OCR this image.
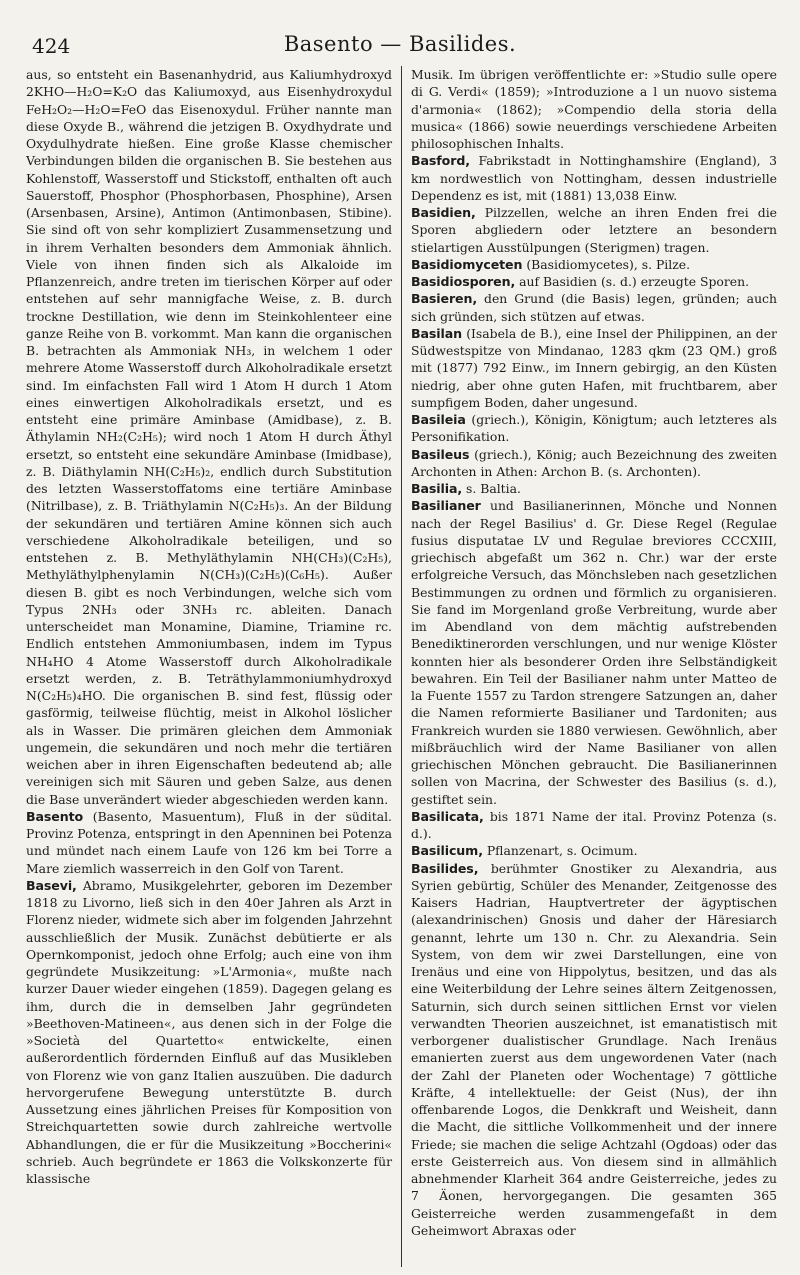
424	Basento — Basilides.

aus, so entsteht ein Basenanhydrid, aus Kaliumhydroxyd 2KHO—H₂O=K₂O das Kaliumoxyd, aus Eisenhydroxydul FeH₂O₂—H₂O=FeO das Eisenoxydul. Früher nannte man diese Oxyde B., während die jetzigen B. Oxydhydrate und Oxydulhydrate hießen. Eine große Klasse chemischer Verbindungen bilden die organischen B. Sie bestehen aus Kohlenstoff, Wasserstoff und Stickstoff, enthalten oft auch Sauerstoff, Phosphor (Phosphorbasen, Phosphine), Arsen (Arsenbasen, Arsine), Antimon (Antimonbasen, Stibine). Sie sind oft von sehr kompliziert Zusammensetzung und in ihrem Verhalten besonders dem Ammoniak ähnlich. Viele von ihnen finden sich als Alkaloide im Pflanzenreich, andre treten im tierischen Körper auf oder entstehen auf sehr mannigfache Weise, z. B. durch trockne Destillation, wie denn im Steinkohlenteer eine ganze Reihe von B. vorkommt. Man kann die organischen B. betrachten als Ammoniak NH₃, in welchem 1 oder mehrere Atome Wasserstoff durch Alkoholradikale ersetzt sind. Im einfachsten Fall wird 1 Atom H durch 1 Atom eines einwertigen Alkoholradikals ersetzt, und es entsteht eine primäre Aminbase (Amidbase), z. B. Äthylamin NH₂(C₂H₅); wird noch 1 Atom H durch Äthyl ersetzt, so entsteht eine sekundäre Aminbase (Imidbase), z. B. Diäthylamin NH(C₂H₅)₂, endlich durch Substitution des letzten Wasserstoffatoms eine tertiäre Aminbase (Nitrilbase), z. B. Triäthylamin N(C₂H₅)₃. An der Bildung der sekundären und tertiären Amine können sich auch verschiedene Alkoholradikale beteiligen, und so entstehen z. B. Methyläthylamin NH(CH₃)(C₂H₅), Methyläthylphenylamin N(CH₃)(C₂H₅)(C₆H₅). Außer diesen B. gibt es noch Verbindungen, welche sich vom Typus 2NH₃ oder 3NH₃ rc. ableiten. Danach unterscheidet man Monamine, Diamine, Triamine rc. Endlich entstehen Ammoniumbasen, indem im Typus NH₄HO 4 Atome Wasserstoff durch Alkoholradikale ersetzt werden, z. B. Teträthylammoniumhydroxyd N(C₂H₅)₄HO. Die organischen B. sind fest, flüssig oder gasförmig, teilweise flüchtig, meist in Alkohol löslicher als in Wasser. Die primären gleichen dem Ammoniak ungemein, die sekundären und noch mehr die tertiären weichen aber in ihren Eigenschaften bedeutend ab; alle vereinigen sich mit Säuren und geben Salze, aus denen die Base unverändert wieder abgeschieden werden kann.

Basento (Basento, Masuentum), Fluß in der südital. Provinz Potenza, entspringt in den Apenninen bei Potenza und mündet nach einem Laufe von 126 km bei Torre a Mare ziemlich wasserreich in den Golf von Tarent.

Basevi, Abramo, Musikgelehrter, geboren im Dezember 1818 zu Livorno, ließ sich in den 40er Jahren als Arzt in Florenz nieder, widmete sich aber im folgenden Jahrzehnt ausschließlich der Musik. Zunächst debütierte er als Opernkomponist, jedoch ohne Erfolg; auch eine von ihm gegründete Musikzeitung: »L'Armonia«, mußte nach kurzer Dauer wieder eingehen (1859). Dagegen gelang es ihm, durch die in demselben Jahr gegründeten »Beethoven-Matineen«, aus denen sich in der Folge die »Società del Quartetto« entwickelte, einen außerordentlich fördernden Einfluß auf das Musikleben von Florenz wie von ganz Italien auszuüben. Die dadurch hervorgerufene Bewegung unterstützte B. durch Aussetzung eines jährlichen Preises für Komposition von Streichquartetten sowie durch zahlreiche wertvolle Abhandlungen, die er für die Musikzeitung »Boccherini« schrieb. Auch begründete er 1863 die Volkskonzerte für klassische

Musik. Im übrigen veröffentlichte er: »Studio sulle opere di G. Verdi« (1859); »Introduzione a l un nuovo sistema d'armonia« (1862); »Compendio della storia della musica« (1866) sowie neuerdings verschiedene Arbeiten philosophischen Inhalts.

Basford, Fabrikstadt in Nottinghamshire (England), 3 km nordwestlich von Nottingham, dessen industrielle Dependenz es ist, mit (1881) 13,038 Einw.

Basidien, Pilzzellen, welche an ihren Enden frei die Sporen abgliedern oder letztere an besondern stielartigen Ausstülpungen (Sterigmen) tragen.

Basidiomyceten (Basidiomycetes), s. Pilze.

Basidiosporen, auf Basidien (s. d.) erzeugte Sporen.

Basieren, den Grund (die Basis) legen, gründen; auch sich gründen, sich stützen auf etwas.

Basilan (Isabela de B.), eine Insel der Philippinen, an der Südwestspitze von Mindanao, 1283 qkm (23 QM.) groß mit (1877) 792 Einw., im Innern gebirgig, an den Küsten niedrig, aber ohne guten Hafen, mit fruchtbarem, aber sumpfigem Boden, daher ungesund.

Basileia (griech.), Königin, Königtum; auch letzteres als Personifikation.

Basileus (griech.), König; auch Bezeichnung des zweiten Archonten in Athen: Archon B. (s. Archonten).

Basilia, s. Baltia.

Basilianer und Basilianerinnen, Mönche und Nonnen nach der Regel Basilius' d. Gr. Diese Regel (Regulae fusius disputatae LV und Regulae breviores CCCXIII, griechisch abgefaßt um 362 n. Chr.) war der erste erfolgreiche Versuch, das Mönchsleben nach gesetzlichen Bestimmungen zu ordnen und förmlich zu organisieren. Sie fand im Morgenland große Verbreitung, wurde aber im Abendland von dem mächtig aufstrebenden Benediktinerorden verschlungen, und nur wenige Klöster konnten hier als besonderer Orden ihre Selbständigkeit bewahren. Ein Teil der Basilianer nahm unter Matteo de la Fuente 1557 zu Tardon strengere Satzungen an, daher die Namen reformierte Basilianer und Tardoniten; aus Frankreich wurden sie 1880 verwiesen. Gewöhnlich, aber mißbräuchlich wird der Name Basilianer von allen griechischen Mönchen gebraucht. Die Basilianerinnen sollen von Macrina, der Schwester des Basilius (s. d.), gestiftet sein.

Basilicata, bis 1871 Name der ital. Provinz Potenza (s. d.).

Basilicum, Pflanzenart, s. Ocimum.

Basilides, berühmter Gnostiker zu Alexandria, aus Syrien gebürtig, Schüler des Menander, Zeitgenosse des Kaisers Hadrian, Hauptvertreter der ägyptischen (alexandrinischen) Gnosis und daher der Häresiarch genannt, lehrte um 130 n. Chr. zu Alexandria. Sein System, von dem wir zwei Darstellungen, eine von Irenäus und eine von Hippolytus, besitzen, und das als eine Weiterbildung der Lehre seines ältern Zeitgenossen, Saturnin, sich durch seinen sittlichen Ernst vor vielen verwandten Theorien auszeichnet, ist emanatistisch mit verborgener dualistischer Grundlage. Nach Irenäus emanierten zuerst aus dem ungewordenen Vater (nach der Zahl der Planeten oder Wochentage) 7 göttliche Kräfte, 4 intellektuelle: der Geist (Nus), der ihn offenbarende Logos, die Denkkraft und Weisheit, dann die Macht, die sittliche Vollkommenheit und der innere Friede; sie machen die selige Achtzahl (Ogdoas) oder das erste Geisterreich aus. Von diesem sind in allmählich abnehmender Klarheit 364 andre Geisterreiche, jedes zu 7 Äonen, hervorgegangen. Die gesamten 365 Geisterreiche werden zusammengefaßt in dem Geheimwort Abraxas oder
